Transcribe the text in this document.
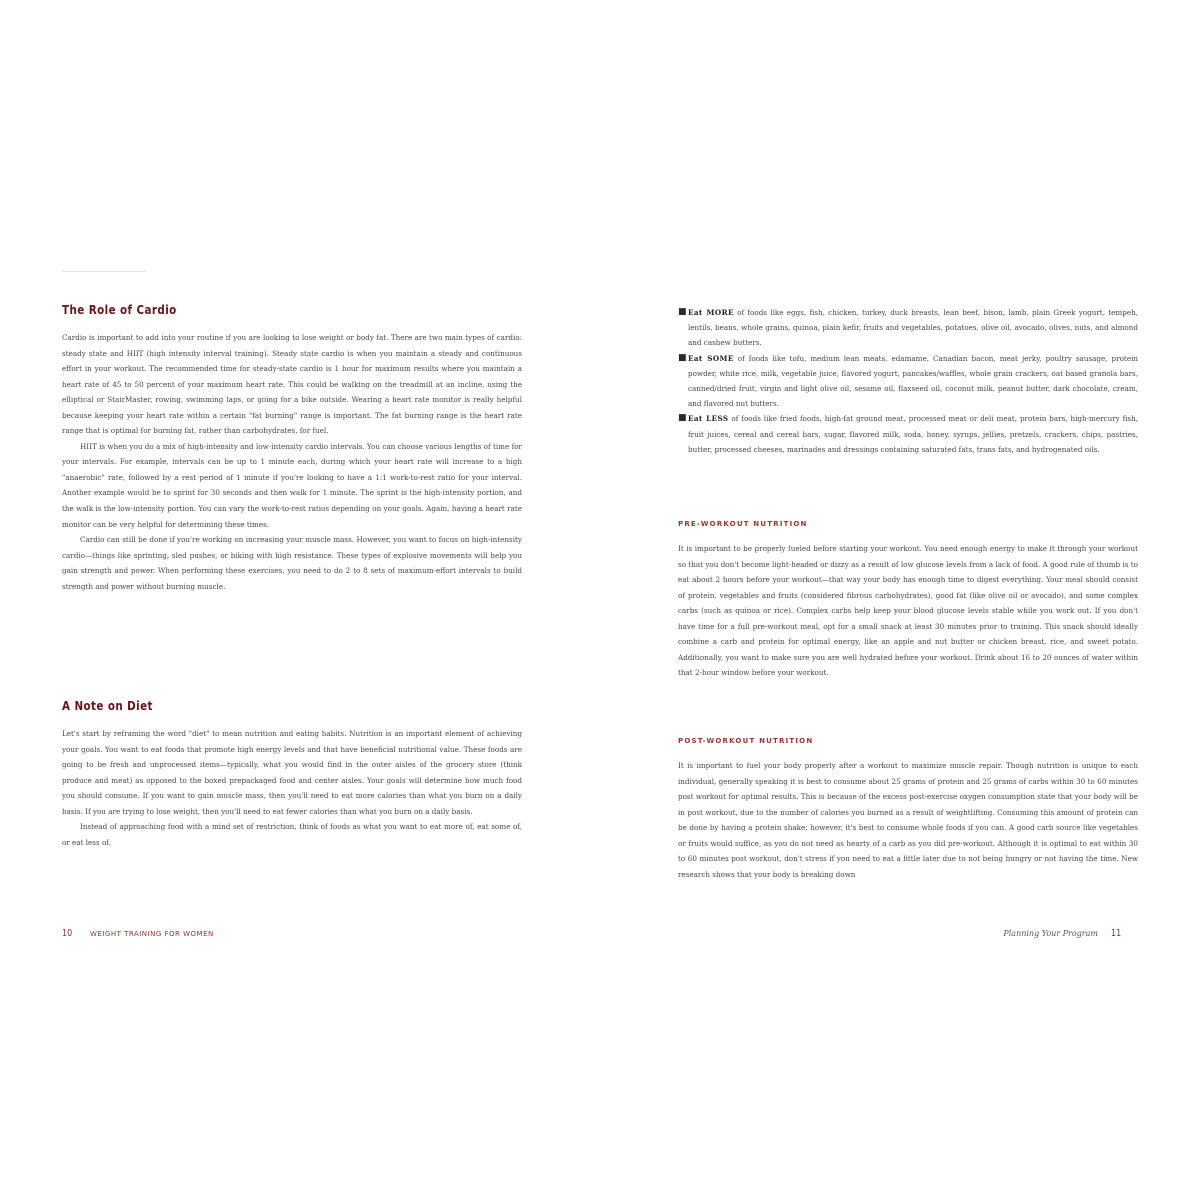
The Role of Cardio

Cardio is important to add into your routine if you are looking to lose weight or body fat. There are two main types of cardio: steady state and HIIT (high intensity interval training). Steady state cardio is when you maintain a steady and continuous effort in your workout. The recommended time for steady-state cardio is 1 hour for maximum results where you maintain a heart rate of 45 to 50 percent of your maximum heart rate. This could be walking on the treadmill at an incline, using the elliptical or StairMaster, rowing, swimming laps, or going for a bike outside. Wearing a heart rate monitor is really helpful because keeping your heart rate within a certain "fat burning" range is important. The fat burning range is the heart rate range that is optimal for burning fat, rather than carbohydrates, for fuel.

HIIT is when you do a mix of high-intensity and low-intensity cardio intervals. You can choose various lengths of time for your intervals. For example, intervals can be up to 1 minute each, during which your heart rate will increase to a high "anaerobic" rate, followed by a rest period of 1 minute if you're looking to have a 1:1 work-to-rest ratio for your interval. Another example would be to sprint for 30 seconds and then walk for 1 minute. The sprint is the high-intensity portion, and the walk is the low-intensity portion. You can vary the work-to-rest ratios depending on your goals. Again, having a heart rate monitor can be very helpful for determining these times.

Cardio can still be done if you're working on increasing your muscle mass. However, you want to focus on high-intensity cardio—things like sprinting, sled pushes, or biking with high resistance. These types of explosive movements will help you gain strength and power. When performing these exercises, you need to do 2 to 8 sets of maximum-effort intervals to build strength and power without burning muscle.

A Note on Diet

Let's start by reframing the word "diet" to mean nutrition and eating habits. Nutrition is an important element of achieving your goals. You want to eat foods that promote high energy levels and that have beneficial nutritional value. These foods are going to be fresh and unprocessed items—typically, what you would find in the outer aisles of the grocery store (think produce and meat) as opposed to the boxed prepackaged food and center aisles. Your goals will determine how much food you should consume. If you want to gain muscle mass, then you'll need to eat more calories than what you burn on a daily basis. If you are trying to lose weight, then you'll need to eat fewer calories than what you burn on a daily basis.

Instead of approaching food with a mind set of restriction, think of foods as what you want to eat more of, eat some of, or eat less of.

10	WEIGHT TRAINING FOR WOMEN
■ Eat MORE of foods like eggs, fish, chicken, turkey, duck breasts, lean beef, bison, lamb, plain Greek yogurt, tempeh, lentils, beans, whole grains, quinoa, plain kefir, fruits and vegetables, potatoes, olive oil, avocado, olives, nuts, and almond and cashew butters.
■ Eat SOME of foods like tofu, medium lean meats, edamame, Canadian bacon, meat jerky, poultry sausage, protein powder, white rice, milk, vegetable juice, flavored yogurt, pancakes/waffles, whole grain crackers, oat based granola bars, canned/dried fruit, virgin and light olive oil, sesame oil, flaxseed oil, coconut milk, peanut butter, dark chocolate, cream, and flavored nut butters.
■ Eat LESS of foods like fried foods, high-fat ground meat, processed meat or deli meat, protein bars, high-mercury fish, fruit juices, cereal and cereal bars, sugar, flavored milk, soda, honey, syrups, jellies, pretzels, crackers, chips, pastries, butter, processed cheeses, marinades and dressings containing saturated fats, trans fats, and hydrogenated oils.
PRE-WORKOUT NUTRITION
It is important to be properly fueled before starting your workout. You need enough energy to make it through your workout so that you don't become light-headed or dizzy as a result of low glucose levels from a lack of food. A good rule of thumb is to eat about 2 hours before your workout—that way your body has enough time to digest everything. Your meal should consist of protein, vegetables and fruits (considered fibrous carbohydrates), good fat (like olive oil or avocado), and some complex carbs (such as quinoa or rice). Complex carbs help keep your blood glucose levels stable while you work out. If you don't have time for a full pre-workout meal, opt for a small snack at least 30 minutes prior to training. This snack should ideally combine a carb and protein for optimal energy, like an apple and nut butter or chicken breast, rice, and sweet potato. Additionally, you want to make sure you are well hydrated before your workout. Drink about 16 to 20 ounces of water within that 2-hour window before your workout.
POST-WORKOUT NUTRITION
It is important to fuel your body properly after a workout to maximize muscle repair. Though nutrition is unique to each individual, generally speaking it is best to consume about 25 grams of protein and 25 grams of carbs within 30 to 60 minutes post workout for optimal results. This is because of the excess post-exercise oxygen consumption state that your body will be in post workout, due to the number of calories you burned as a result of weightlifting. Consuming this amount of protein can be done by having a protein shake; however, it's best to consume whole foods if you can. A good carb source like vegetables or fruits would suffice, as you do not need as hearty of a carb as you did pre-workout. Although it is optimal to eat within 30 to 60 minutes post workout, don't stress if you need to eat a little later due to not being hungry or not having the time. New research shows that your body is breaking down
Planning Your Program 11
